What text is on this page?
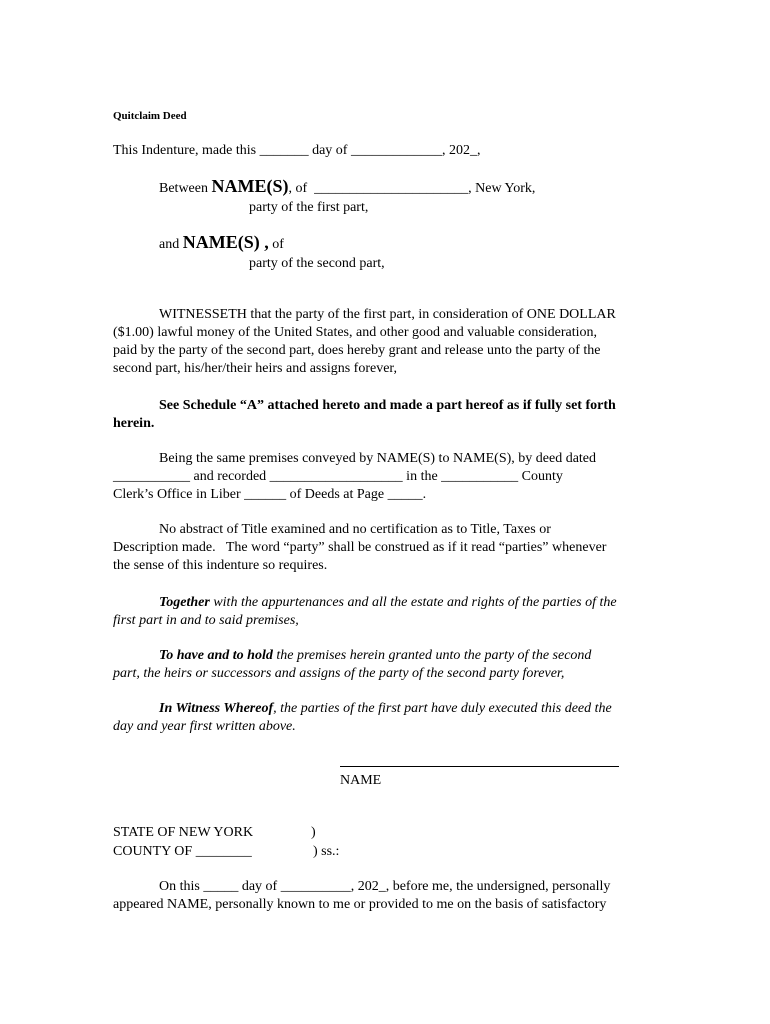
Quitclaim Deed
This Indenture, made this _______ day of _____________, 202_,
Between NAME(S), of  ______________________, New York,
party of the first part,
and NAME(S) , of
party of the second part,
WITNESSETH that the party of the first part, in consideration of ONE DOLLAR
($1.00) lawful money of the United States, and other good and valuable consideration,
paid by the party of the second part, does hereby grant and release unto the party of the
second part, his/her/their heirs and assigns forever,
See Schedule “A” attached hereto and made a part hereof as if fully set forth
herein.
Being the same premises conveyed by NAME(S) to NAME(S), by deed dated
___________ and recorded ___________________ in the ___________ County
Clerk’s Office in Liber ______ of Deeds at Page _____.
No abstract of Title examined and no certification as to Title, Taxes or
Description made.   The word “party” shall be construed as if it read “parties” whenever
the sense of this indenture so requires.
Together with the appurtenances and all the estate and rights of the parties of the
first part in and to said premises,
To have and to hold the premises herein granted unto the party of the second
part, the heirs or successors and assigns of the party of the second party forever,
In Witness Whereof, the parties of the first part have duly executed this deed the
day and year first written above.
NAME
STATE OF NEW YORK	)
COUNTY OF ________	) ss.:
On this _____ day of __________, 202_, before me, the undersigned, personally
appeared NAME, personally known to me or provided to me on the basis of satisfactory
